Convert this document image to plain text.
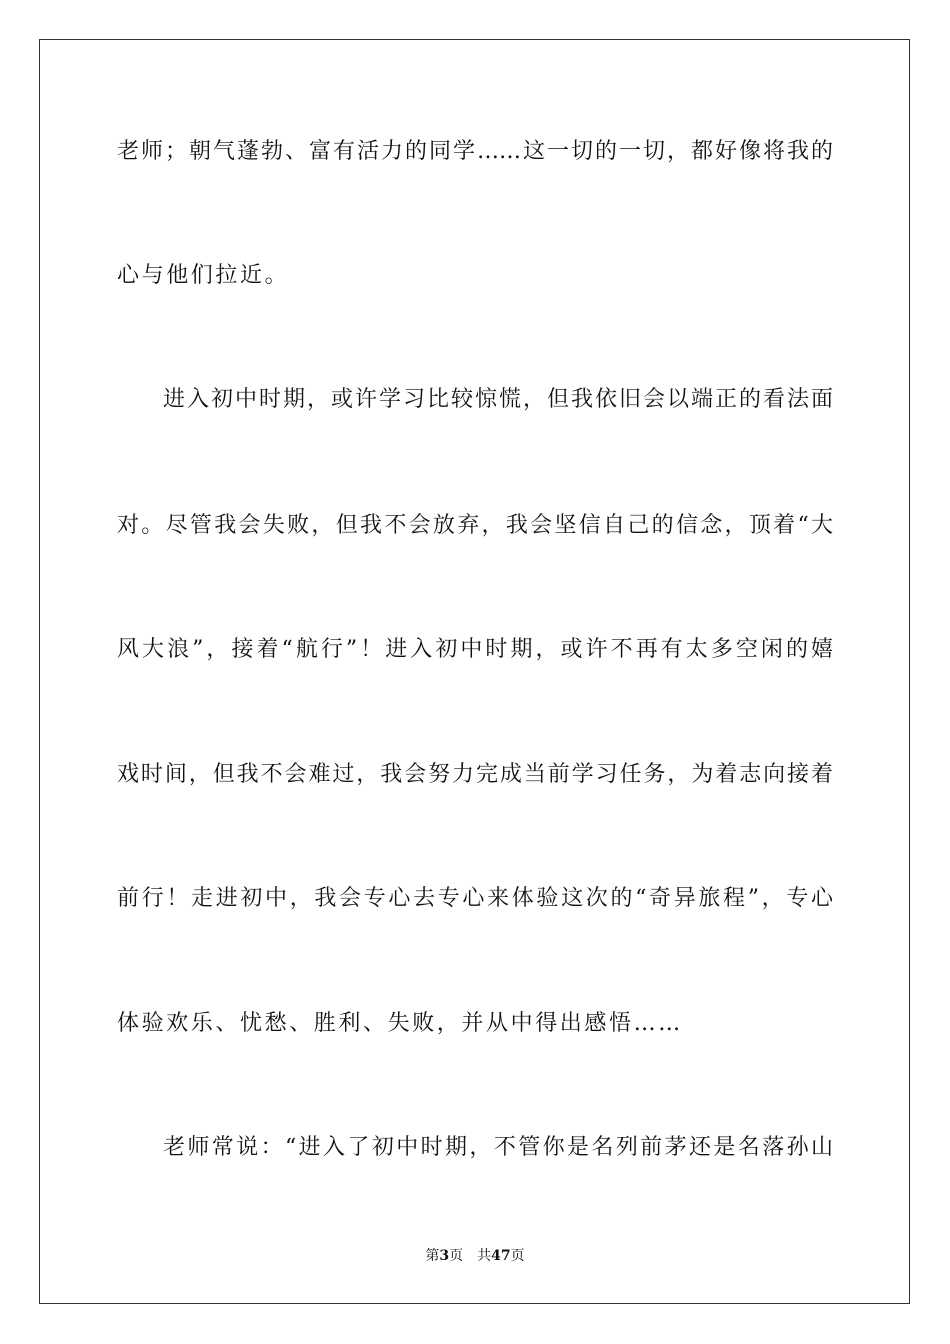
老师；朝气蓬勃、富有活力的同学……这一切的一切，都好像将我的
心与他们拉近。
进入初中时期，或许学习比较惊慌，但我依旧会以端正的看法面
对。尽管我会失败，但我不会放弃，我会坚信自己的信念，顶着“大
风大浪”，接着“航行”！进入初中时期，或许不再有太多空闲的嬉
戏时间，但我不会难过，我会努力完成当前学习任务，为着志向接着
前行！走进初中，我会专心去专心来体验这次的“奇异旅程”，专心
体验欢乐、忧愁、胜利、失败，并从中得出感悟……
老师常说：“进入了初中时期，不管你是名列前茅还是名落孙山
第3页 共47页
